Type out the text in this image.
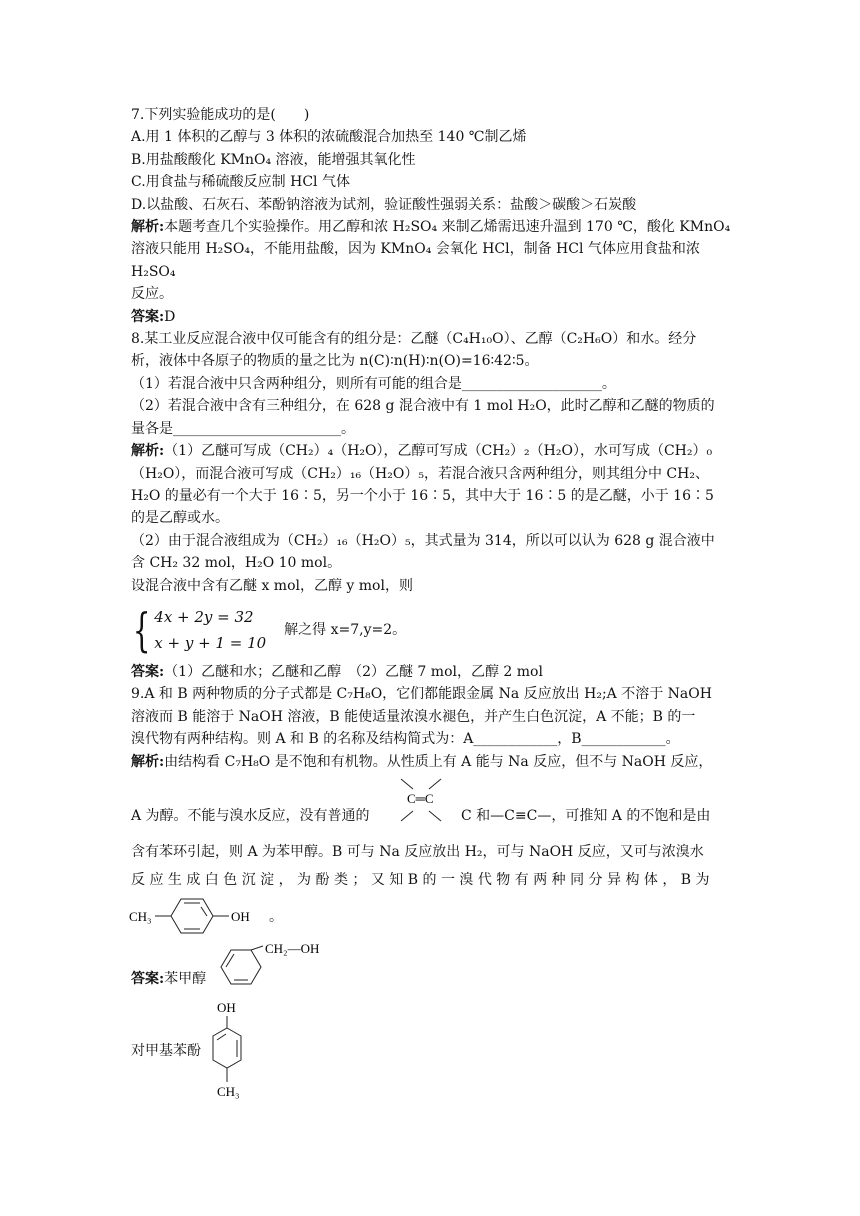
7.下列实验能成功的是(　　)

A.用 1 体积的乙醇与 3 体积的浓硫酸混合加热至 140 ℃制乙烯

B.用盐酸酸化 KMnO₄ 溶液，能增强其氧化性

C.用食盐与稀硫酸反应制 HCl 气体

D.以盐酸、石灰石、苯酚钠溶液为试剂，验证酸性强弱关系：盐酸＞碳酸＞石炭酸

解析:本题考查几个实验操作。用乙醇和浓 H₂SO₄ 来制乙烯需迅速升温到 170 ℃，酸化 KMnO₄

溶液只能用 H₂SO₄，不能用盐酸，因为 KMnO₄ 会氧化 HCl，制备 HCl 气体应用食盐和浓 H₂SO₄

反应。

答案:D

8.某工业反应混合液中仅可能含有的组分是：乙醚（C₄H₁₀O）、乙醇（C₂H₆O）和水。经分

析，液体中各原子的物质的量之比为 n(C)∶n(H)∶n(O)=16∶42∶5。

（1）若混合液中只含两种组分，则所有可能的组合是____________________。

（2）若混合液中含有三种组分，在 628 g 混合液中有 1 mol H₂O，此时乙醇和乙醚的物质的

量各是________________________。

解析:（1）乙醚可写成（CH₂）₄（H₂O），乙醇可写成（CH₂）₂（H₂O），水可写成（CH₂）₀

（H₂O），而混合液可写成（CH₂）₁₆（H₂O）₅，若混合液只含两种组分，则其组分中 CH₂、

H₂O 的量必有一个大于 16∶5，另一个小于 16∶5，其中大于 16∶5 的是乙醚，小于 16∶5

的是乙醇或水。

（2）由于混合液组成为（CH₂）₁₆（H₂O）₅，其式量为 314，所以可以认为 628 g 混合液中

含 CH₂ 32 mol，H₂O 10 mol。

设混合液中含有乙醚 x mol，乙醇 y mol，则

{ 4x + 2y = 32
x + y + 1 = 10
解之得 x=7,y=2。

答案:（1）乙醚和水；乙醚和乙醇　（2）乙醚 7 mol，乙醇 2 mol

9.A 和 B 两种物质的分子式都是 C₇H₈O，它们都能跟金属 Na 反应放出 H₂;A 不溶于 NaOH

溶液而 B 能溶于 NaOH 溶液，B 能使适量浓溴水褪色，并产生白色沉淀，A 不能；B 的一

溴代物有两种结构。则 A 和 B 的名称及结构简式为：A____________，B____________。

解析:由结构看 C₇H₈O 是不饱和有机物。从性质上有 A 能与 Na 反应，但不与 NaOH 反应，

A 为醇。不能与溴水反应，没有普通的
C═C
C 和—C≡C—，可推知 A 的不饱和是由

含有苯环引起，则 A 为苯甲醇。B 可与 Na 反应放出 H₂，可与 NaOH 反应，又可与浓溴水

反 应 生 成 白 色 沉 淀 ， 为 酚 类 ； 又 知 B 的 一 溴 代 物 有 两 种 同 分 异 构 体 ， B 为

CH₃	OH 。
答案:苯甲醇
CH₂—OH
OH
CH₃
对甲基苯酚
